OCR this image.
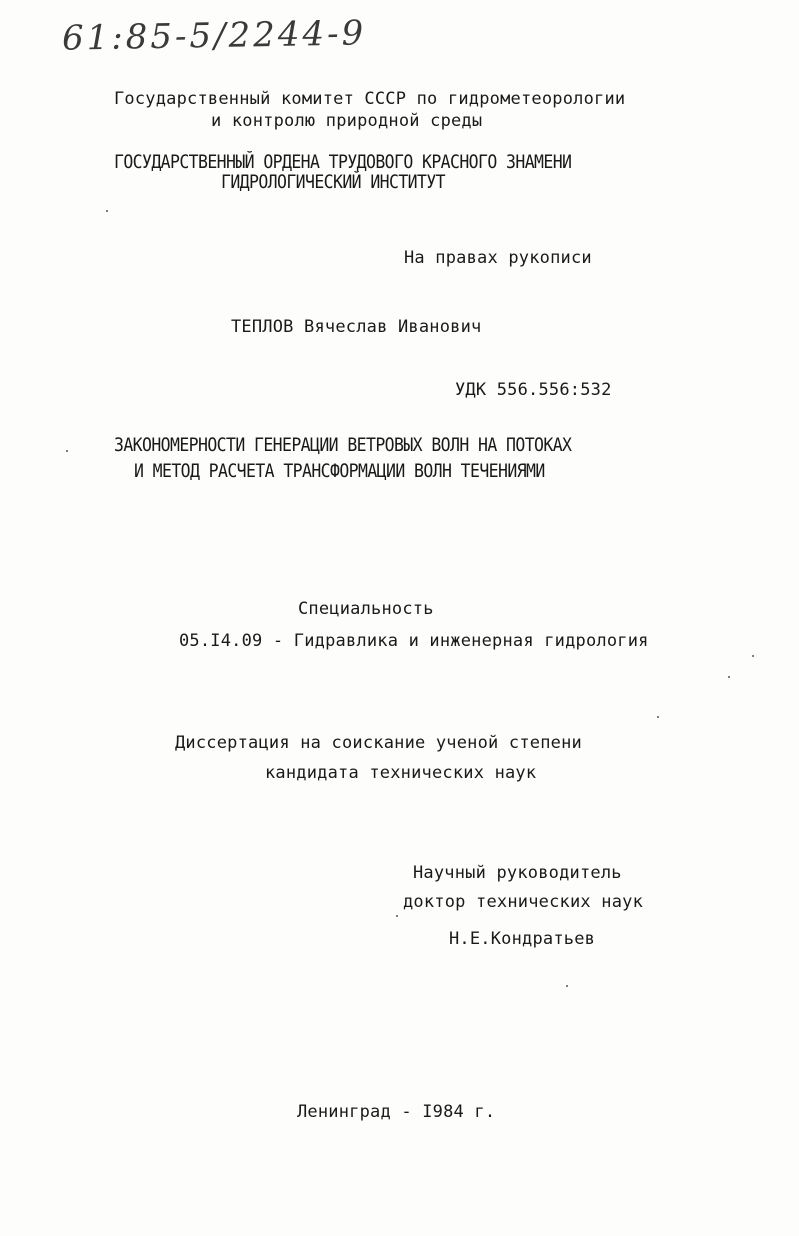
61:85-5/2244-9
Государственный комитет СССР по гидрометеорологии
и контролю природной среды
ГОСУДАРСТВЕННЫЙ ОРДЕНА ТРУДОВОГО КРАСНОГО ЗНАМЕНИ
ГИДРОЛОГИЧЕСКИЙ ИНСТИТУТ
На правах рукописи
ТЕПЛОВ Вячеслав Иванович
УДК 556.556:532
ЗАКОНОМЕРНОСТИ ГЕНЕРАЦИИ ВЕТРОВЫХ ВОЛН НА ПОТОКАХ
И МЕТОД РАСЧЕТА ТРАНСФОРМАЦИИ ВОЛН ТЕЧЕНИЯМИ
Специальность
05.I4.09 - Гидравлика и инженерная гидрология
Диссертация на соискание ученой степени
кандидата технических наук
Научный руководитель
доктор технических наук
Н.Е.Кондратьев
Ленинград - I984 г.
